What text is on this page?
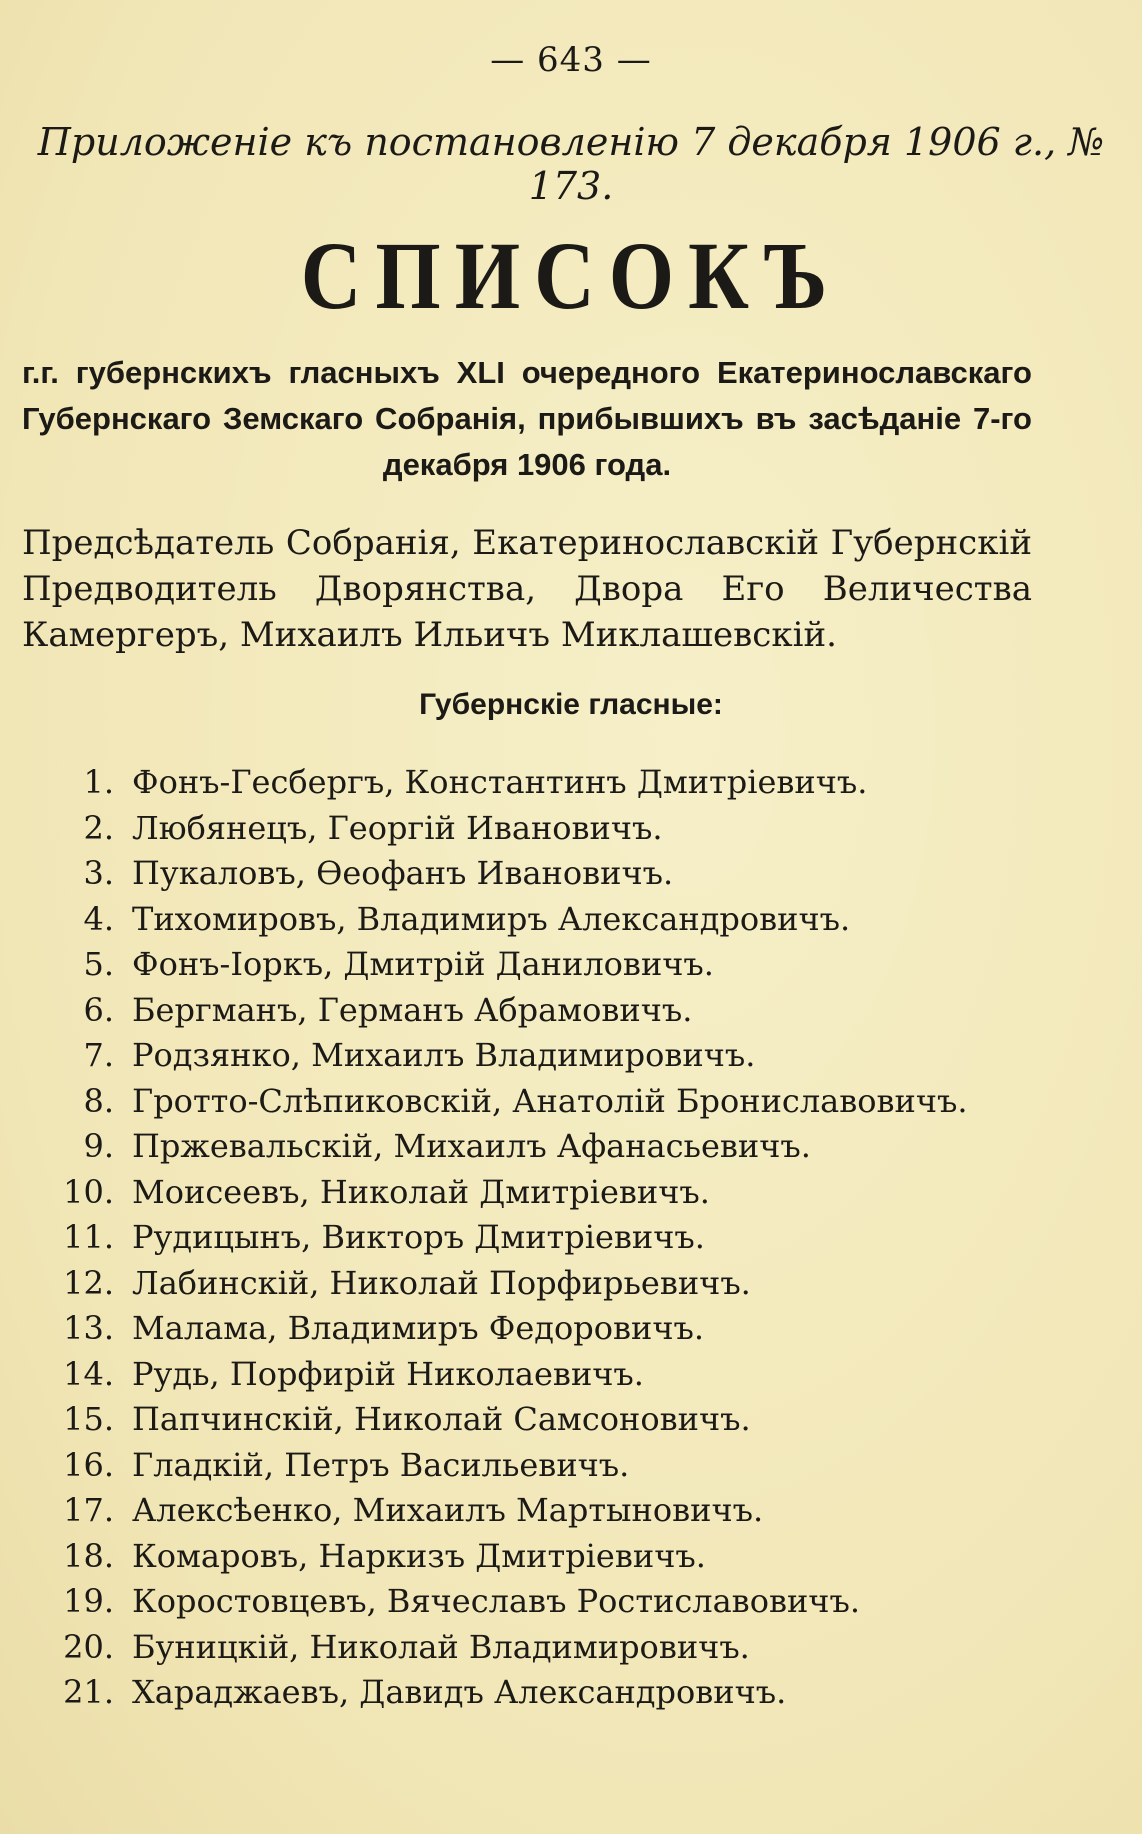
— 643 —
Приложеніе къ постановленію 7 декабря 1906 г., № 173.
СПИСОКЪ
г.г. губернскихъ гласныхъ XLI очередного Екатеринославскаго Губернскаго Земскаго Собранія, прибывшихъ въ засѣданіе 7-го декабря 1906 года.
Предсѣдатель Собранія, Екатеринославскій Губернскій Предводитель Дворянства, Двора Его Величества Камергеръ, Михаилъ Ильичъ Миклашевскій.
Губернскіе гласные:
1. Фонъ-Гесбергъ, Константинъ Дмитріевичъ.
2. Любянецъ, Георгій Ивановичъ.
3. Пукаловъ, Ѳеофанъ Ивановичъ.
4. Тихомировъ, Владимиръ Александровичъ.
5. Фонъ-Іоркъ, Дмитрій Даниловичъ.
6. Бергманъ, Германъ Абрамовичъ.
7. Родзянко, Михаилъ Владимировичъ.
8. Гротто-Слѣпиковскій, Анатолій Брониславовичъ.
9. Пржевальскій, Михаилъ Афанасьевичъ.
10. Моисеевъ, Николай Дмитріевичъ.
11. Рудицынъ, Викторъ Дмитріевичъ.
12. Лабинскій, Николай Порфирьевичъ.
13. Малама, Владимиръ Федоровичъ.
14. Рудь, Порфирій Николаевичъ.
15. Папчинскій, Николай Самсоновичъ.
16. Гладкій, Петръ Васильевичъ.
17. Алексѣенко, Михаилъ Мартыновичъ.
18. Комаровъ, Наркизъ Дмитріевичъ.
19. Коростовцевъ, Вячеславъ Ростиславовичъ.
20. Буницкій, Николай Владимировичъ.
21. Хараджаевъ, Давидъ Александровичъ.
